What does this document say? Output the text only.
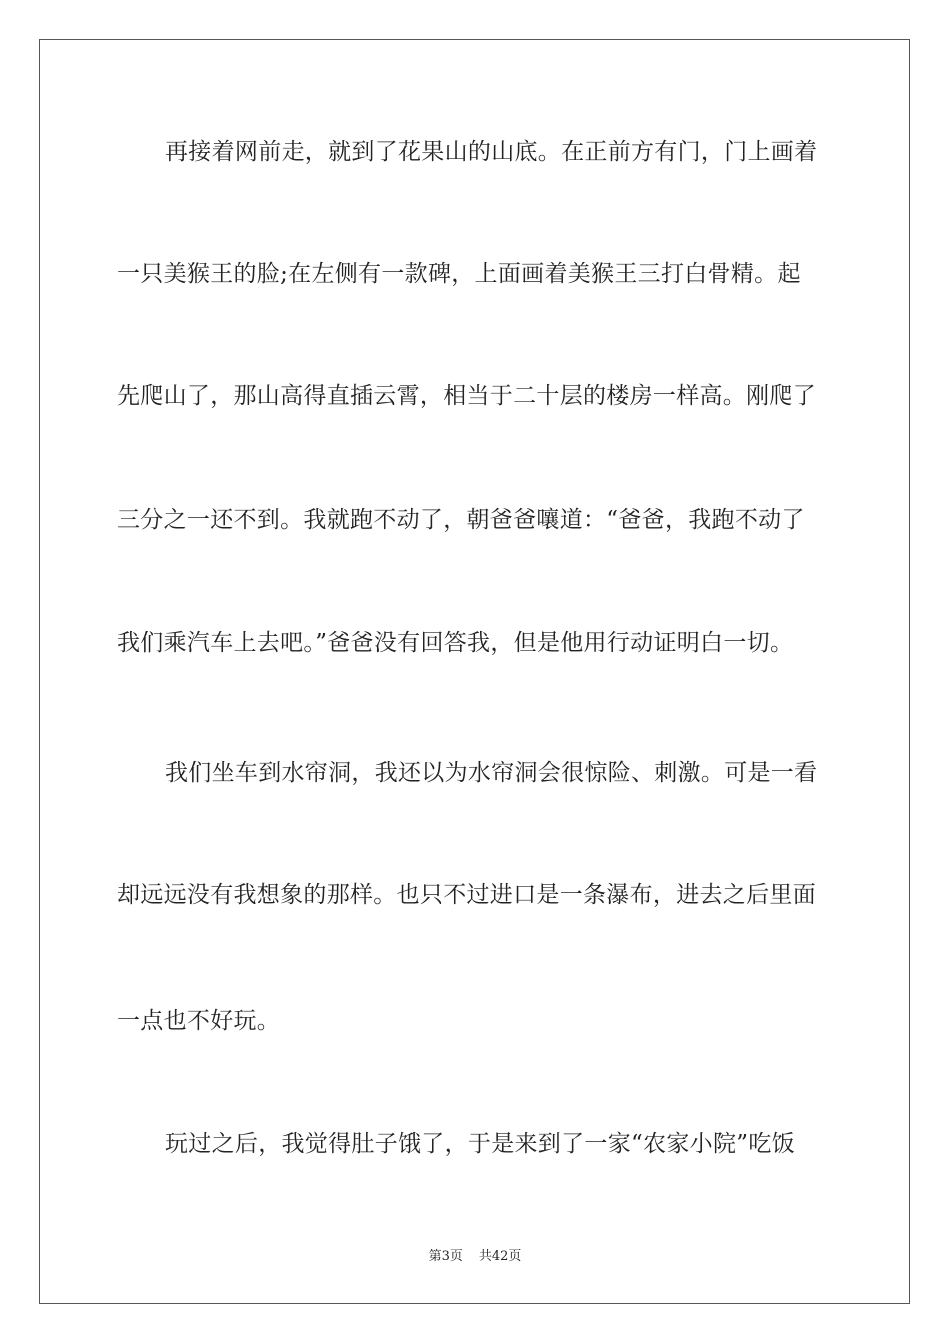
再接着网前走，就到了花果山的山底。在正前方有门，门上画着
一只美猴王的脸;在左侧有一款碑，上面画着美猴王三打白骨精。起
先爬山了，那山高得直插云霄，相当于二十层的楼房一样高。刚爬了
三分之一还不到。我就跑不动了，朝爸爸嚷道：“爸爸，我跑不动了
我们乘汽车上去吧。”爸爸没有回答我，但是他用行动证明白一切。
我们坐车到水帘洞，我还以为水帘洞会很惊险、刺激。可是一看
却远远没有我想象的那样。也只不过进口是一条瀑布，进去之后里面
一点也不好玩。
玩过之后，我觉得肚子饿了，于是来到了一家“农家小院”吃饭
第3页 共42页
